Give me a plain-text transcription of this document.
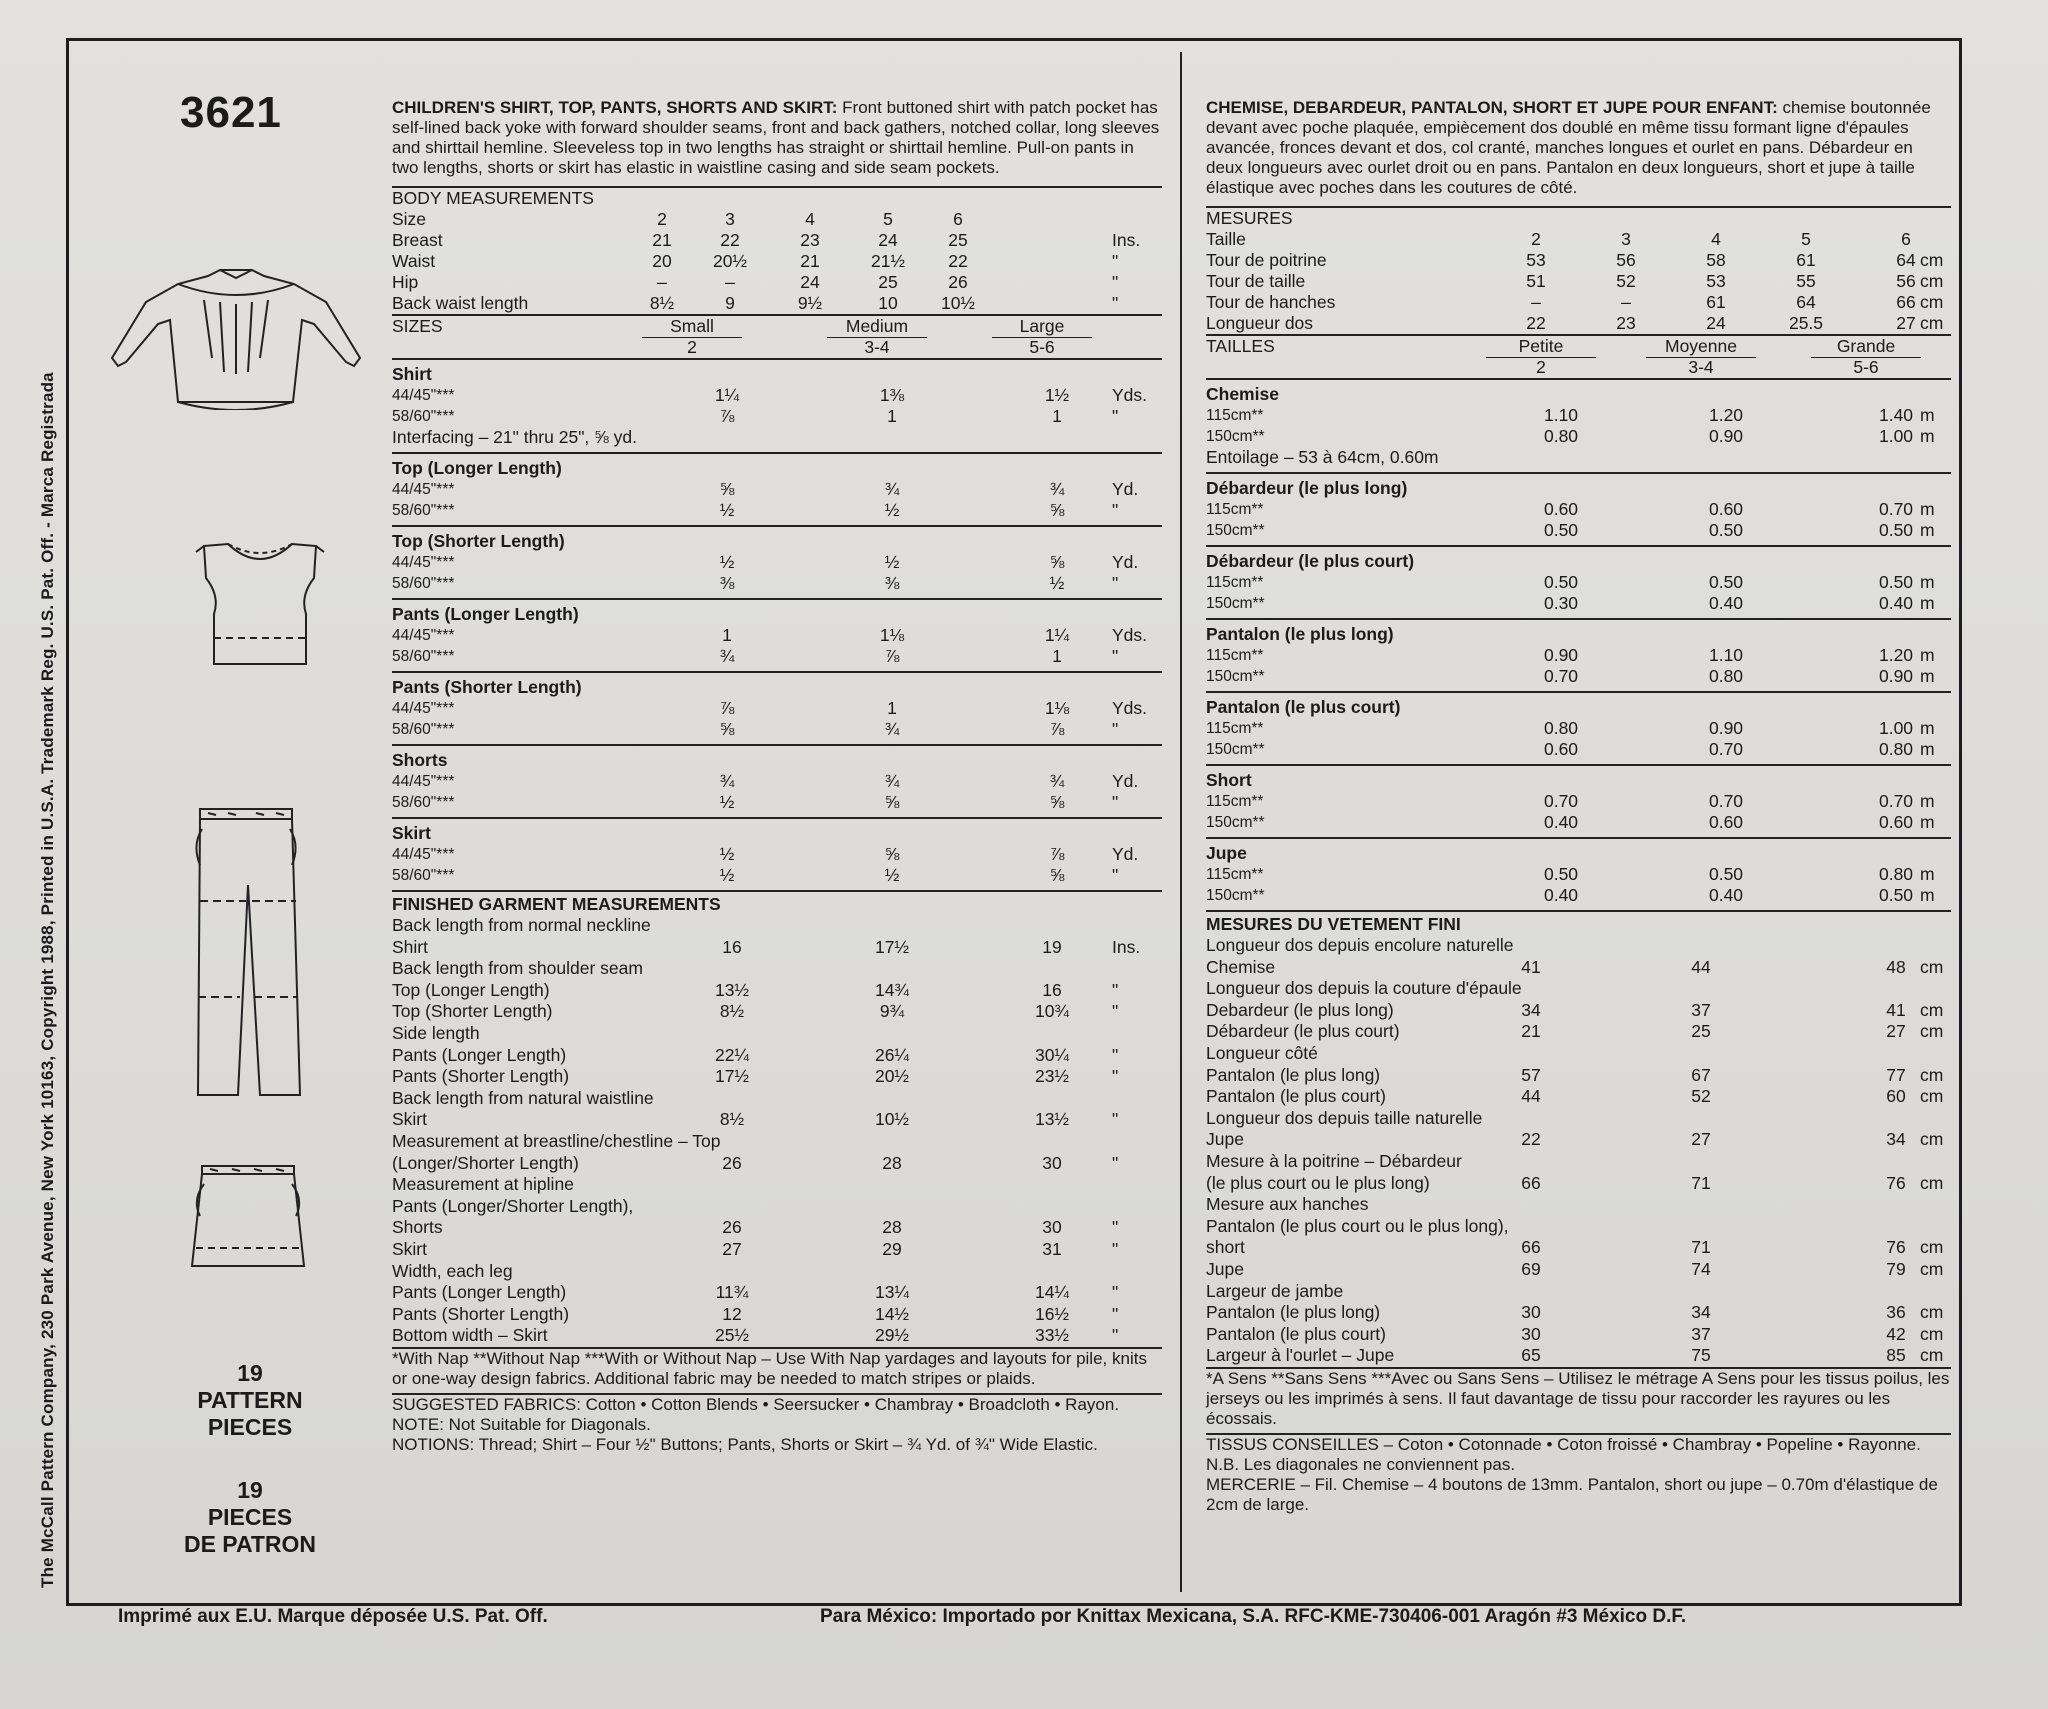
The McCall Pattern Company, 230 Park Avenue, New York 10163, Copyright 1988, Printed in U.S.A. Trademark Reg. U.S. Pat. Off. - Marca Registrada
3621
19
PATTERN
PIECES
19
PIECES
DE PATRON
CHILDREN'S SHIRT, TOP, PANTS, SHORTS AND SKIRT: Front buttoned shirt with patch pocket has self-lined back yoke with forward shoulder seams, front and back gathers, notched collar, long sleeves and shirttail hemline. Sleeveless top in two lengths has straight or shirttail hemline. Pull-on pants in two lengths, shorts or skirt has elastic in waistline casing and side seam pockets.
BODY MEASUREMENTS
Size	2	3	4	5	6
Breast	21	22	23	24	25	Ins.
Waist	20	20½	21	21½	22	"
Hip	–	–	24	25	26	"
Back waist length	8½	9	9½	10	10½	"
SIZES	Small	Medium	Large
2	3-4	5-6
Shirt
44/45"***	1¼	1⅜	1½	Yds.
58/60"***	⅞	1	1	"
Interfacing – 21" thru 25", ⅝ yd.
Top (Longer Length)
44/45"***	⅝	¾	¾	Yd.
58/60"***	½	½	⅝	"
Top (Shorter Length)
44/45"***	½	½	⅝	Yd.
58/60"***	⅜	⅜	½	"
Pants (Longer Length)
44/45"***	1	1⅛	1¼	Yds.
58/60"***	¾	⅞	1	"
Pants (Shorter Length)
44/45"***	⅞	1	1⅛	Yds.
58/60"***	⅝	¾	⅞	"
Shorts
44/45"***	¾	¾	¾	Yd.
58/60"***	½	⅝	⅝	"
Skirt
44/45"***	½	⅝	⅞	Yd.
58/60"***	½	½	⅝	"
FINISHED GARMENT MEASUREMENTS
Back length from normal neckline
Shirt	16	17½	19	Ins.
Back length from shoulder seam
Top (Longer Length)	13½	14¾	16	"
Top (Shorter Length)	8½	9¾	10¾	"
Side length
Pants (Longer Length)	22¼	26¼	30¼	"
Pants (Shorter Length)	17½	20½	23½	"
Back length from natural waistline
Skirt	8½	10½	13½	"
Measurement at breastline/chestline – Top
(Longer/Shorter Length)	26	28	30	"
Measurement at hipline
Pants (Longer/Shorter Length),
Shorts	26	28	30	"
Skirt	27	29	31	"
Width, each leg
Pants (Longer Length)	11¾	13¼	14¼	"
Pants (Shorter Length)	12	14½	16½	"
Bottom width – Skirt	25½	29½	33½	"
*With Nap **Without Nap ***With or Without Nap – Use With Nap yardages and layouts for pile, knits or one-way design fabrics. Additional fabric may be needed to match stripes or plaids.
SUGGESTED FABRICS: Cotton • Cotton Blends • Seersucker • Chambray • Broadcloth • Rayon. NOTE: Not Suitable for Diagonals.
NOTIONS: Thread; Shirt – Four ½" Buttons; Pants, Shorts or Skirt – ¾ Yd. of ¾" Wide Elastic.
CHEMISE, DEBARDEUR, PANTALON, SHORT ET JUPE POUR ENFANT: chemise boutonnée devant avec poche plaquée, empiècement dos doublé en même tissu formant ligne d'épaules avancée, fronces devant et dos, col cranté, manches longues et ourlet en pans. Débardeur en deux longueurs avec ourlet droit ou en pans. Pantalon en deux longueurs, short et jupe à taille élastique avec poches dans les coutures de côté.
MESURES
Taille	2	3	4	5	6
Tour de poitrine	53	56	58	61	64 cm
Tour de taille	51	52	53	55	56 cm
Tour de hanches	–	–	61	64	66 cm
Longueur dos	22	23	24	25.5	27 cm
TAILLES	Petite	Moyenne	Grande
2	3-4	5-6
Chemise
115cm**	1.10	1.20	1.40 m
150cm**	0.80	0.90	1.00 m
Entoilage – 53 à 64cm, 0.60m
Débardeur (le plus long)
115cm**	0.60	0.60	0.70 m
150cm**	0.50	0.50	0.50 m
Débardeur (le plus court)
115cm**	0.50	0.50	0.50 m
150cm**	0.30	0.40	0.40 m
Pantalon (le plus long)
115cm**	0.90	1.10	1.20 m
150cm**	0.70	0.80	0.90 m
Pantalon (le plus court)
115cm**	0.80	0.90	1.00 m
150cm**	0.60	0.70	0.80 m
Short
115cm**	0.70	0.70	0.70 m
150cm**	0.40	0.60	0.60 m
Jupe
115cm**	0.50	0.50	0.80 m
150cm**	0.40	0.40	0.50 m
MESURES DU VETEMENT FINI
Longueur dos depuis encolure naturelle
Chemise	41	44	48 cm
Longueur dos depuis la couture d'épaule
Debardeur (le plus long)	34	37	41 cm
Débardeur (le plus court)	21	25	27 cm
Longueur côté
Pantalon (le plus long)	57	67	77 cm
Pantalon (le plus court)	44	52	60 cm
Longueur dos depuis taille naturelle
Jupe	22	27	34 cm
Mesure à la poitrine – Débardeur
(le plus court ou le plus long)	66	71	76 cm
Mesure aux hanches
Pantalon (le plus court ou le plus long),
short	66	71	76 cm
Jupe	69	74	79 cm
Largeur de jambe
Pantalon (le plus long)	30	34	36 cm
Pantalon (le plus court)	30	37	42 cm
Largeur à l'ourlet – Jupe	65	75	85 cm
*A Sens **Sans Sens ***Avec ou Sans Sens – Utilisez le métrage A Sens pour les tissus poilus, les jerseys ou les imprimés à sens. Il faut davantage de tissu pour raccorder les rayures ou les écossais.
TISSUS CONSEILLES – Coton • Cotonnade • Coton froissé • Chambray • Popeline • Rayonne. N.B. Les diagonales ne conviennent pas.
MERCERIE – Fil. Chemise – 4 boutons de 13mm. Pantalon, short ou jupe – 0.70m d'élastique de 2cm de large.
Imprimé aux E.U. Marque déposée U.S. Pat. Off.	Para México: Importado por Knittax Mexicana, S.A. RFC-KME-730406-001 Aragón #3 México D.F.
